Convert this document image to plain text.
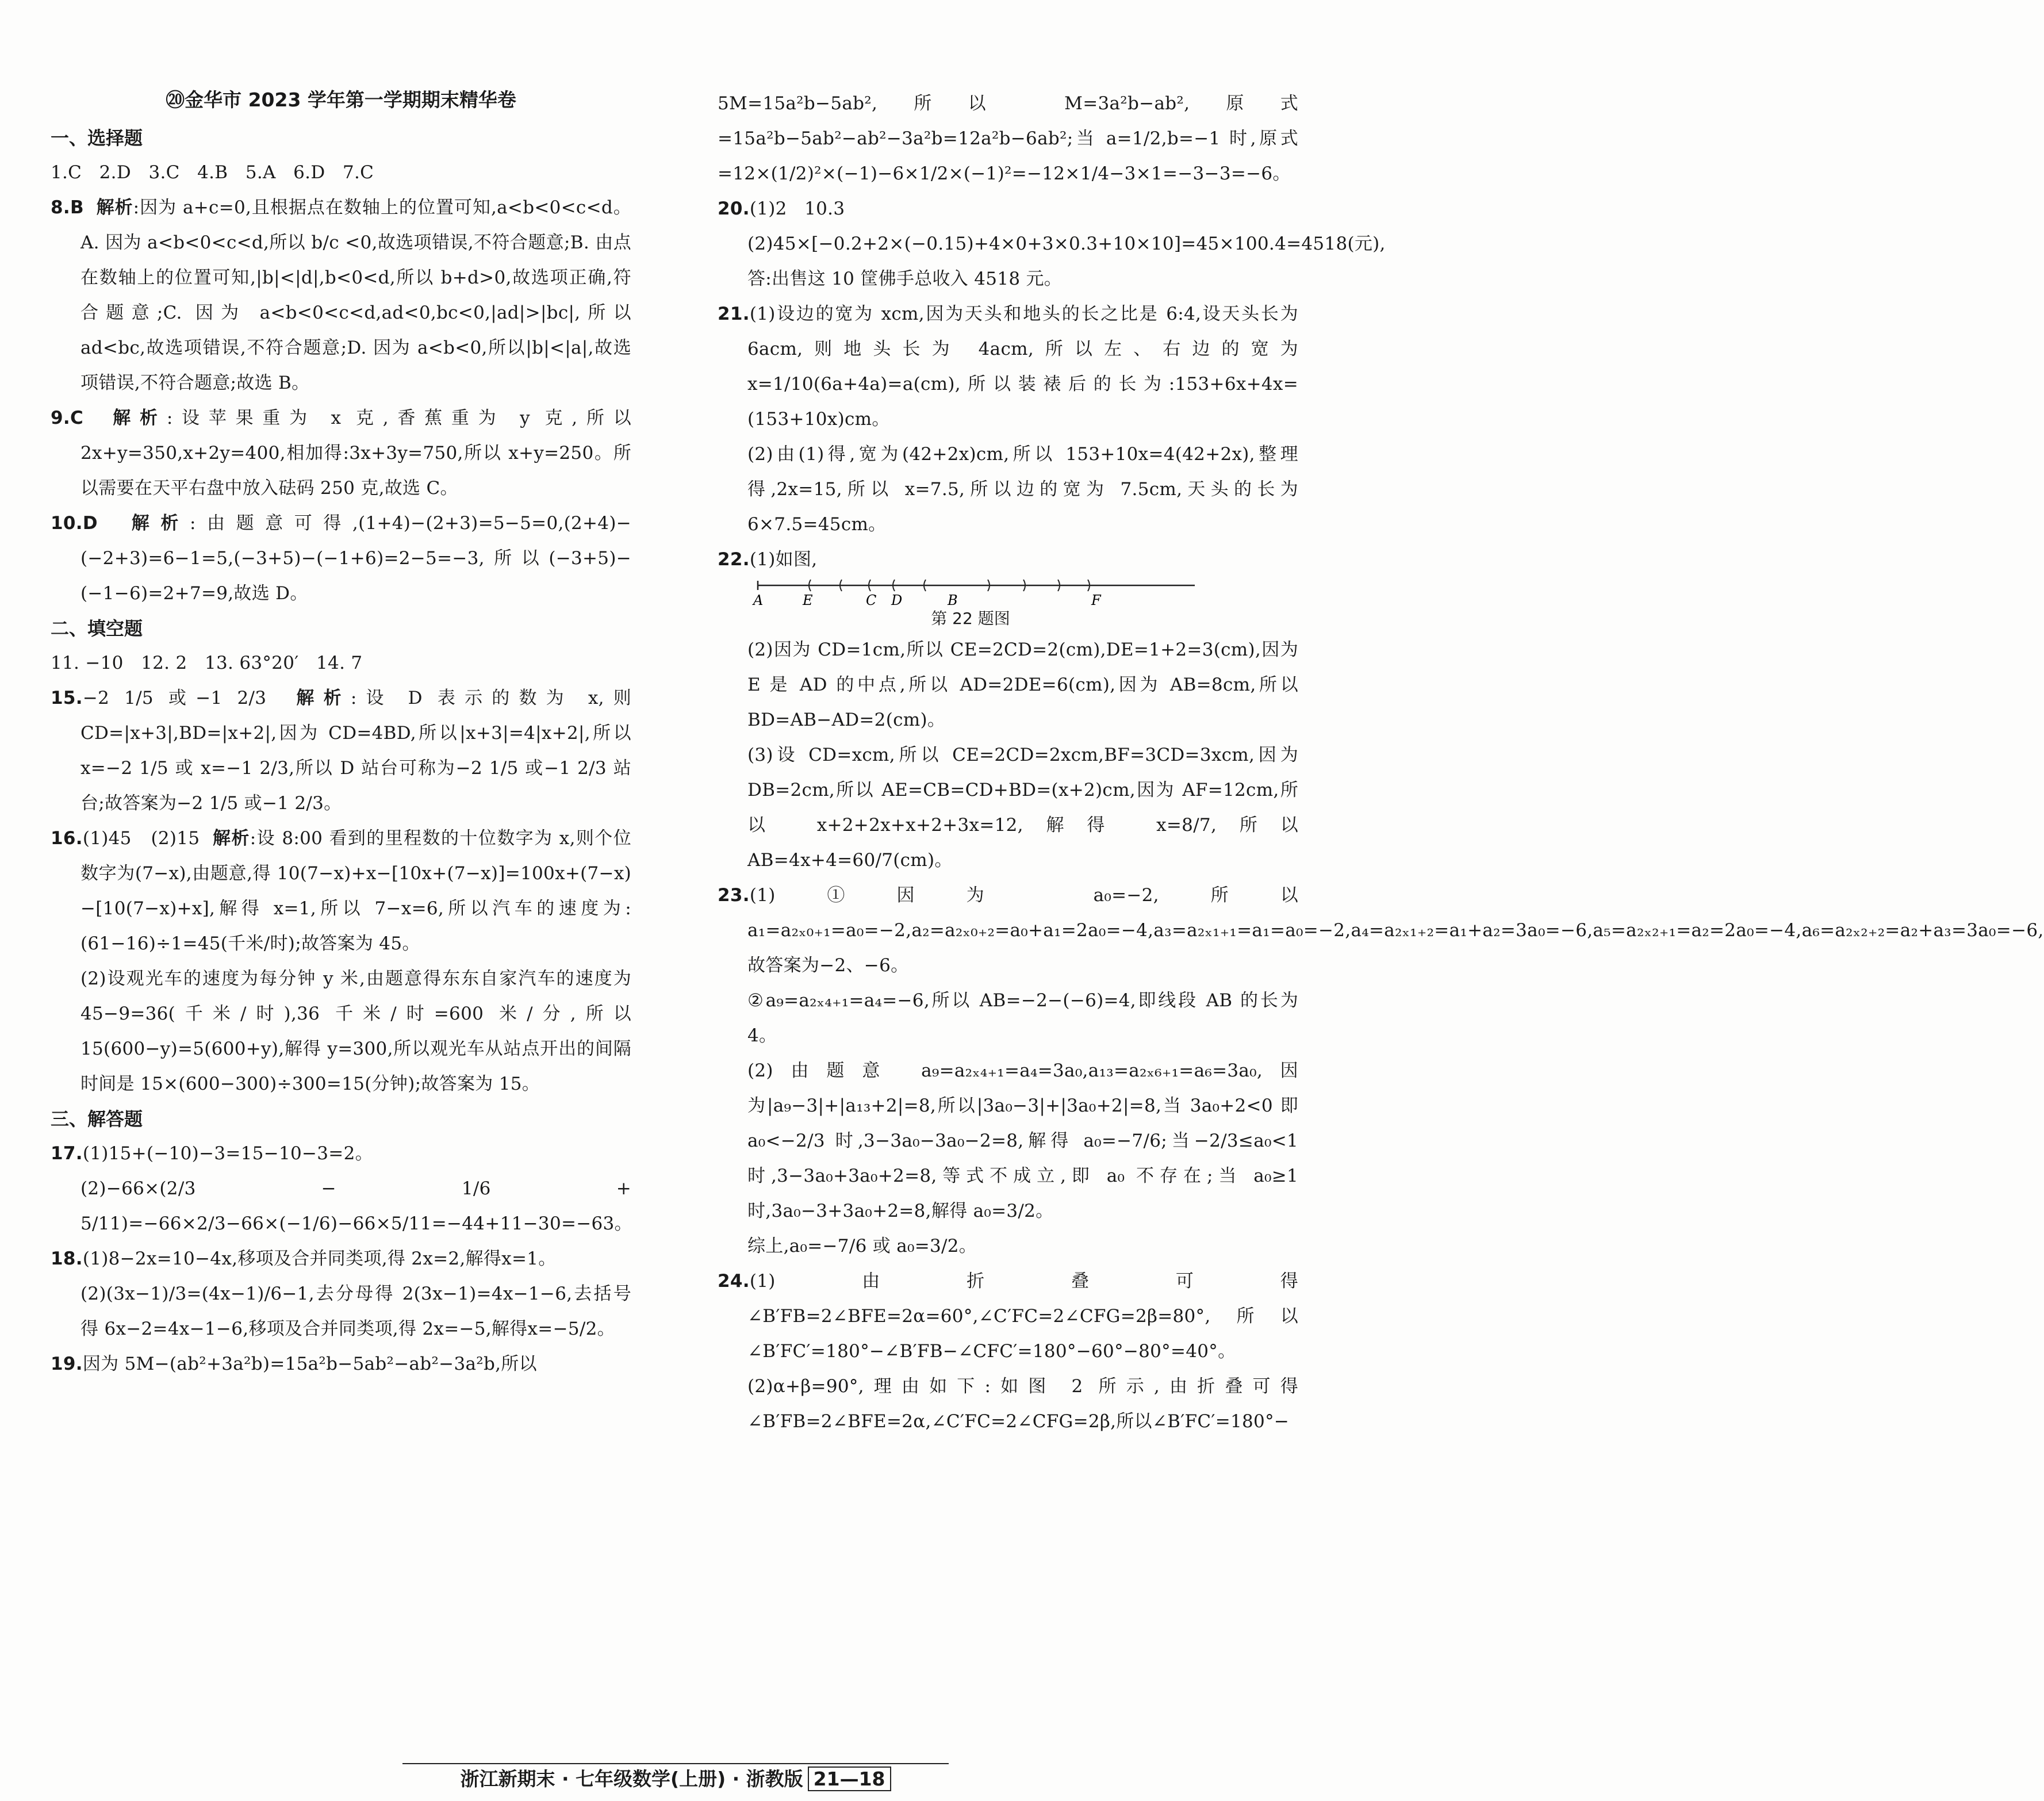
⑳金华市 2023 学年第一学期期末精华卷
一、选择题
1.C   2.D   3.C   4.B   5.A   6.D   7.C
8.B 解析:因为 a+c=0,且根据点在数轴上的位置可知,a<b<0<c<d。A. 因为 a<b<0<c<d,所以 b/c <0,故选项错误,不符合题意;B. 由点在数轴上的位置可知,|b|<|d|,b<0<d,所以 b+d>0,故选项正确,符合题意;C. 因为 a<b<0<c<d,ad<0,bc<0,|ad|>|bc|,所以 ad<bc,故选项错误,不符合题意;D. 因为 a<b<0,所以|b|<|a|,故选项错误,不符合题意;故选 B。
9.C 解析:设苹果重为 x 克,香蕉重为 y 克,所以 2x+y=350,x+2y=400,相加得:3x+3y=750,所以 x+y=250。所以需要在天平右盘中放入砝码 250 克,故选 C。
10.D 解析:由题意可得,(1+4)−(2+3)=5−5=0,(2+4)−(−2+3)=6−1=5,(−3+5)−(−1+6)=2−5=−3,所以(−3+5)−(−1−6)=2+7=9,故选 D。
二、填空题
11. −10   12. 2   13. 63°20′   14. 7
15.−2 1/5 或−1 2/3 解析:设 D 表示的数为 x,则 CD=|x+3|,BD=|x+2|,因为 CD=4BD,所以|x+3|=4|x+2|,所以 x=−2 1/5 或 x=−1 2/3,所以 D 站台可称为−2 1/5 或−1 2/3 站台;故答案为−2 1/5 或−1 2/3。
16.(1)45   (2)15 解析:设 8:00 看到的里程数的十位数字为 x,则个位数字为(7−x),由题意,得 10(7−x)+x−[10x+(7−x)]=100x+(7−x)−[10(7−x)+x],解得 x=1,所以 7−x=6,所以汽车的速度为:(61−16)÷1=45(千米/时);故答案为 45。
(2)设观光车的速度为每分钟 y 米,由题意得东东自家汽车的速度为 45−9=36(千米/时),36 千米/时=600 米/分,所以 15(600−y)=5(600+y),解得 y=300,所以观光车从站点开出的间隔时间是 15×(600−300)÷300=15(分钟);故答案为 15。
三、解答题
17.(1)15+(−10)−3=15−10−3=2。
(2)−66×(2/3 − 1/6 + 5/11)=−66×2/3−66×(−1/6)−66×5/11=−44+11−30=−63。
18.(1)8−2x=10−4x,移项及合并同类项,得 2x=2,解得x=1。
(2)(3x−1)/3=(4x−1)/6−1,去分母得 2(3x−1)=4x−1−6,去括号得 6x−2=4x−1−6,移项及合并同类项,得 2x=−5,解得x=−5/2。
19.因为 5M−(ab²+3a²b)=15a²b−5ab²−ab²−3a²b,所以
5M=15a²b−5ab²,所以 M=3a²b−ab²,原式=15a²b−5ab²−ab²−3a²b=12a²b−6ab²;当 a=1/2,b=−1 时,原式=12×(1/2)²×(−1)−6×1/2×(−1)²=−12×1/4−3×1=−3−3=−6。
20.(1)2   10.3
(2)45×[−0.2+2×(−0.15)+4×0+3×0.3+10×10]=45×100.4=4518(元),答:出售这 10 筐佛手总收入 4518 元。
21.(1)设边的宽为 xcm,因为天头和地头的长之比是 6:4,设天头长为 6acm,则地头长为 4acm,所以左、右边的宽为 x=1/10(6a+4a)=a(cm),所以装裱后的长为:153+6x+4x=(153+10x)cm。
(2)由(1)得,宽为(42+2x)cm,所以 153+10x=4(42+2x),整理得,2x=15,所以 x=7.5,所以边的宽为 7.5cm,天头的长为 6×7.5=45cm。
22.(1)如图,
A	E	C D	B	F
第 22 题图
(2)因为 CD=1cm,所以 CE=2CD=2(cm),DE=1+2=3(cm),因为 E 是 AD 的中点,所以 AD=2DE=6(cm),因为 AB=8cm,所以 BD=AB−AD=2(cm)。
(3)设 CD=xcm,所以 CE=2CD=2xcm,BF=3CD=3xcm,因为 DB=2cm,所以 AE=CB=CD+BD=(x+2)cm,因为 AF=12cm,所以 x+2+2x+x+2+3x=12,解得 x=8/7,所以 AB=4x+4=60/7(cm)。
23.(1)①因为 a₀=−2,所以 a₁=a₂ₓ₀₊₁=a₀=−2,a₂=a₂ₓ₀₊₂=a₀+a₁=2a₀=−4,a₃=a₂ₓ₁₊₁=a₁=a₀=−2,a₄=a₂ₓ₁₊₂=a₁+a₂=3a₀=−6,a₅=a₂ₓ₂₊₁=a₂=2a₀=−4,a₆=a₂ₓ₂₊₂=a₂+a₃=3a₀=−6,故答案为−2、−6。
②a₉=a₂ₓ₄₊₁=a₄=−6,所以 AB=−2−(−6)=4,即线段 AB 的长为 4。
(2)由题意 a₉=a₂ₓ₄₊₁=a₄=3a₀,a₁₃=a₂ₓ₆₊₁=a₆=3a₀,因为|a₉−3|+|a₁₃+2|=8,所以|3a₀−3|+|3a₀+2|=8,当 3a₀+2<0 即 a₀<−2/3 时,3−3a₀−3a₀−2=8,解得 a₀=−7/6;当−2/3≤a₀<1 时,3−3a₀+3a₀+2=8,等式不成立,即 a₀ 不存在;当 a₀≥1 时,3a₀−3+3a₀+2=8,解得 a₀=3/2。
综上,a₀=−7/6 或 a₀=3/2。
24.(1)由折叠可得∠B′FB=2∠BFE=2α=60°,∠C′FC=2∠CFG=2β=80°,所以∠B′FC′=180°−∠B′FB−∠CFC′=180°−60°−80°=40°。
(2)α+β=90°,理由如下:如图 2 所示,由折叠可得∠B′FB=2∠BFE=2α,∠C′FC=2∠CFG=2β,所以∠B′FC′=180°−
浙江新期末 · 七年级数学(上册) · 浙教版 21—18
